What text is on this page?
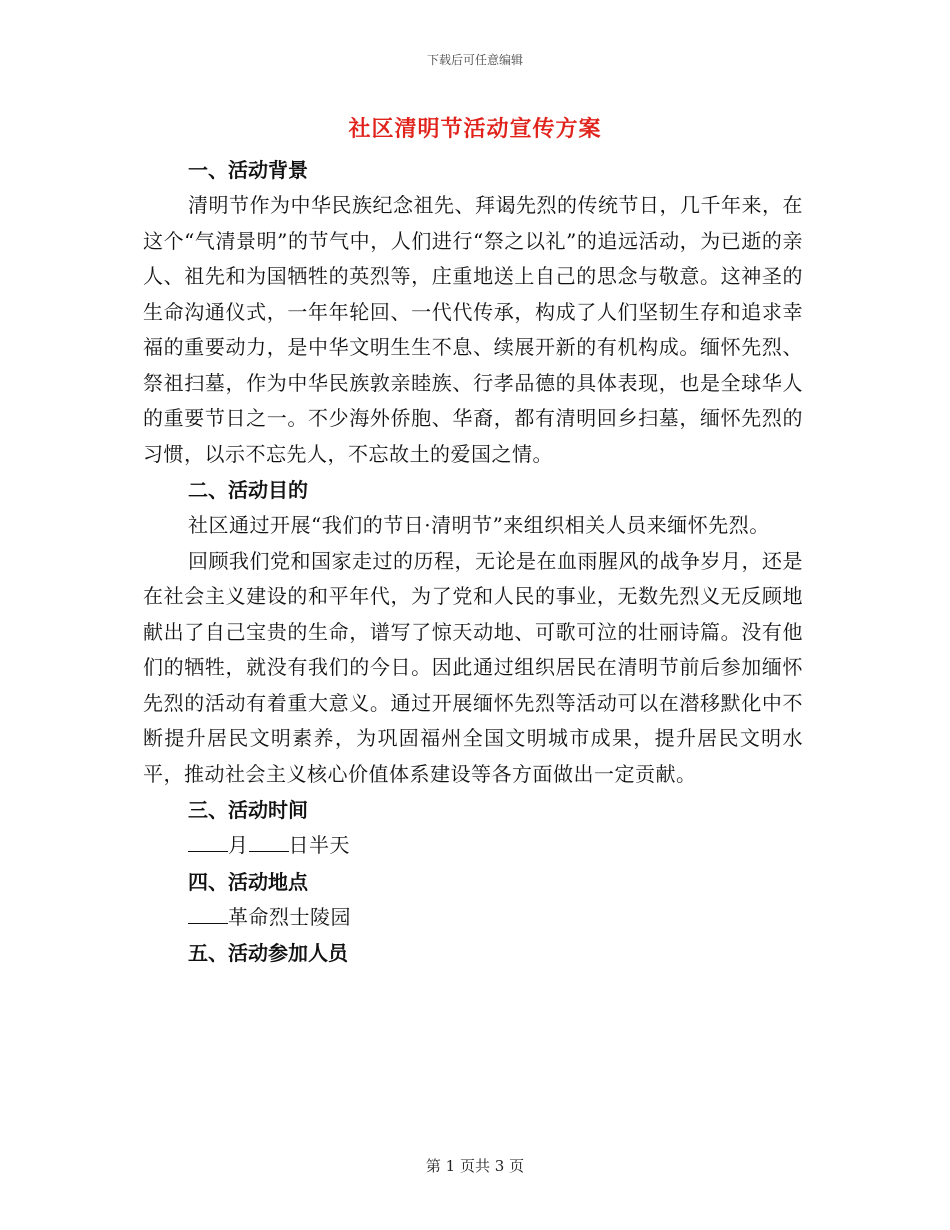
下载后可任意编辑
社区清明节活动宣传方案

一、活动背景

清明节作为中华民族纪念祖先、拜谒先烈的传统节日，几千年来，在这个“气清景明”的节气中，人们进行“祭之以礼”的追远活动，为已逝的亲人、祖先和为国牺牲的英烈等，庄重地送上自己的思念与敬意。这神圣的生命沟通仪式，一年年轮回、一代代传承，构成了人们坚韧生存和追求幸福的重要动力，是中华文明生生不息、续展开新的有机构成。缅怀先烈、祭祖扫墓，作为中华民族敦亲睦族、行孝品德的具体表现，也是全球华人的重要节日之一。不少海外侨胞、华裔，都有清明回乡扫墓，缅怀先烈的习惯，以示不忘先人，不忘故土的爱国之情。

二、活动目的

社区通过开展“我们的节日·清明节”来组织相关人员来缅怀先烈。

回顾我们党和国家走过的历程，无论是在血雨腥风的战争岁月，还是在社会主义建设的和平年代，为了党和人民的事业，无数先烈义无反顾地献出了自己宝贵的生命，谱写了惊天动地、可歌可泣的壮丽诗篇。没有他们的牺牲，就没有我们的今日。因此通过组织居民在清明节前后参加缅怀先烈的活动有着重大意义。通过开展缅怀先烈等活动可以在潜移默化中不断提升居民文明素养，为巩固福州全国文明城市成果，提升居民文明水平，推动社会主义核心价值体系建设等各方面做出一定贡献。

三、活动时间

月 日半天

四、活动地点

革命烈士陵园

五、活动参加人员

第 1 页共 3 页
